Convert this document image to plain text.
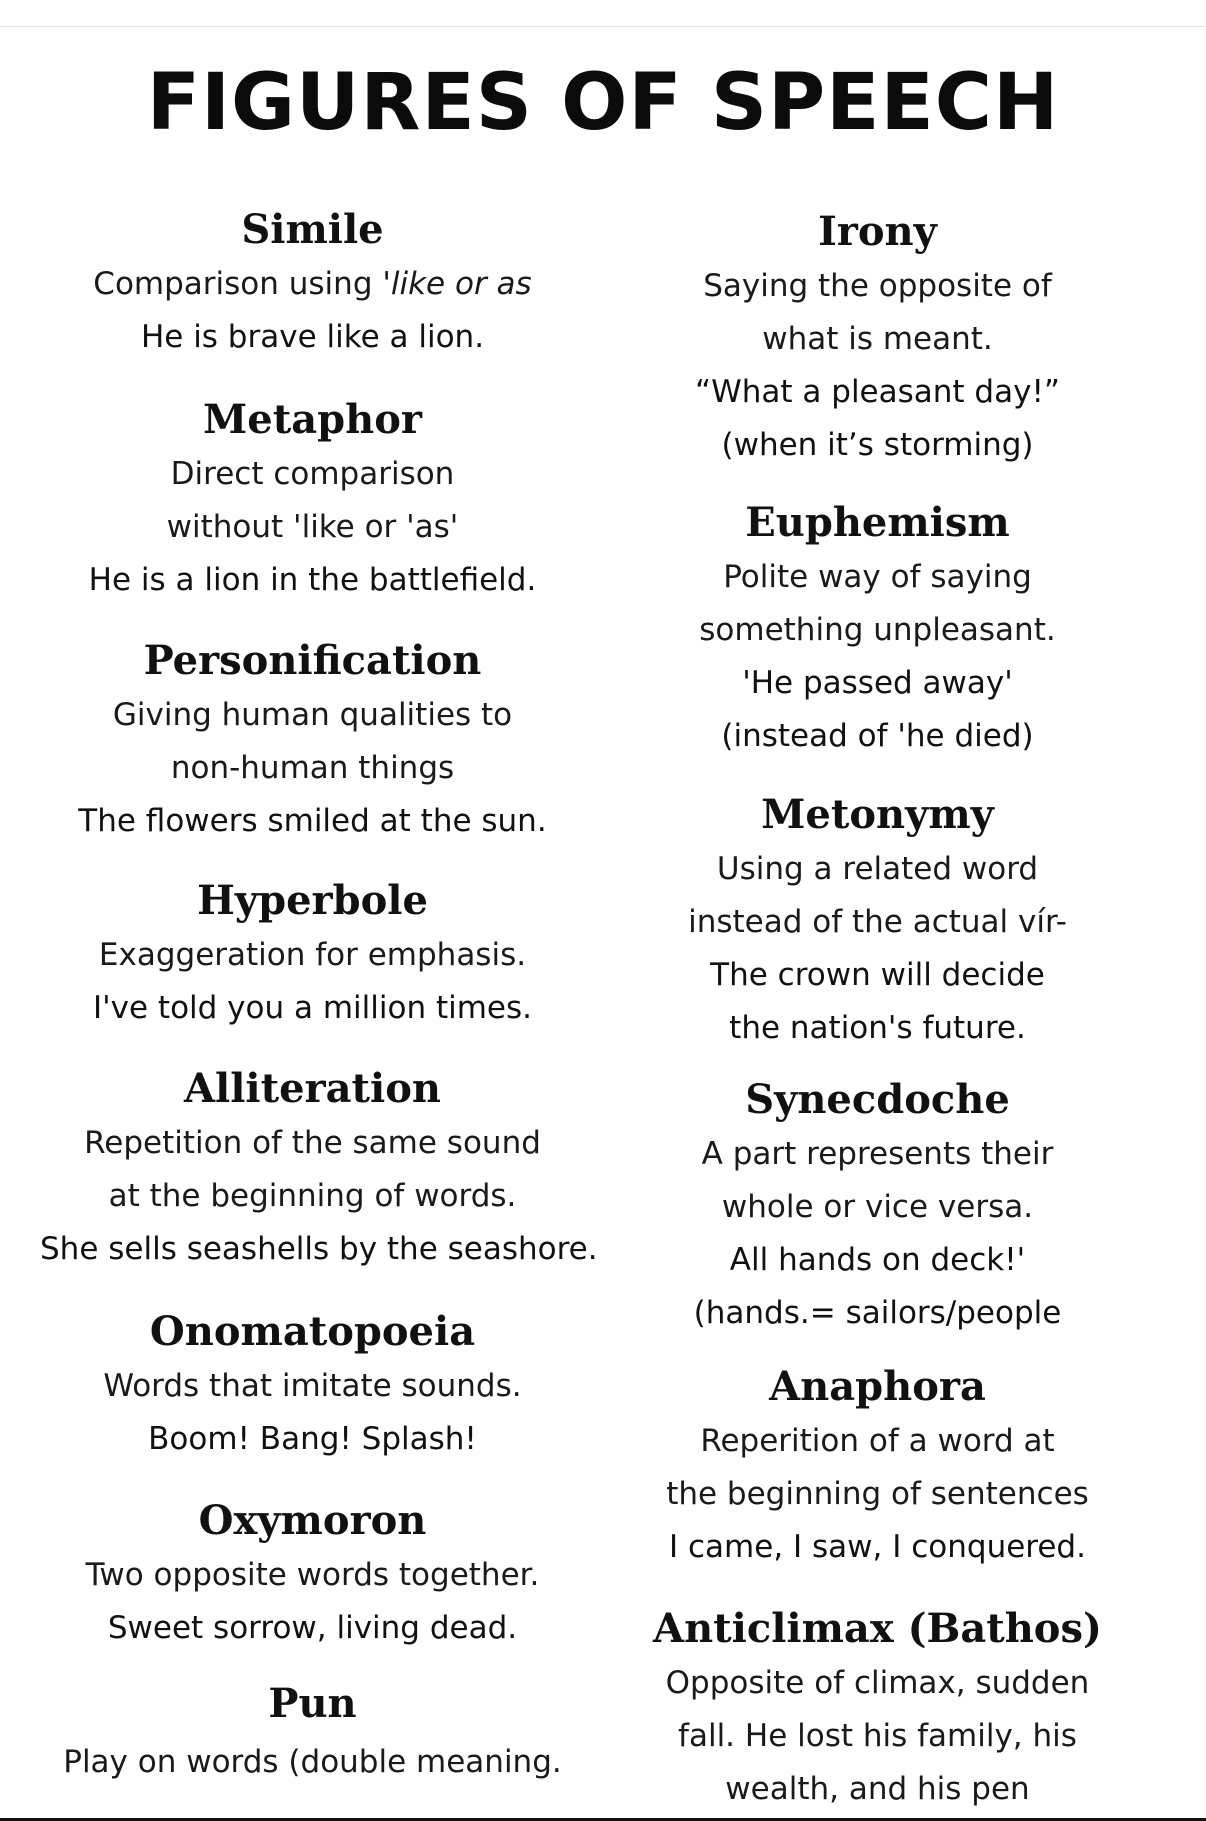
FIGURES OF SPEECH
Simile
Comparison using 'like or as
He is brave like a lion.
Metaphor
Direct comparison
without 'like or 'as'
He is a lion in the battlefield.
Personification
Giving human qualities to
non-human things
The flowers smiled at the sun.
Hyperbole
Exaggeration for emphasis.
I've told you a million times.
Alliteration
Repetition of the same sound
at the beginning of words.
She sells seashells by the seashore.
Onomatopoeia
Words that imitate sounds.
Boom! Bang! Splash!
Oxymoron
Two opposite words together.
Sweet sorrow, living dead.
Pun
Play on words (double meaning.
Irony
Saying the opposite of
what is meant.
“What a pleasant day!”
(when it’s storming)
Euphemism
Polite way of saying
something unpleasant.
'He passed away'
(instead of 'he died)
Metonymy
Using a related word
instead of the actual vír-
The crown will decide
the nation's future.
Synecdoche
A part represents their
whole or vice versa.
All hands on deck!'
(hands.= sailors/people
Anaphora
Reperition of a word at
the beginning of sentences
I came, I saw, I conquered.
Anticlimax (Bathos)
Opposite of climax, sudden
fall. He lost his family, his
wealth, and his pen
